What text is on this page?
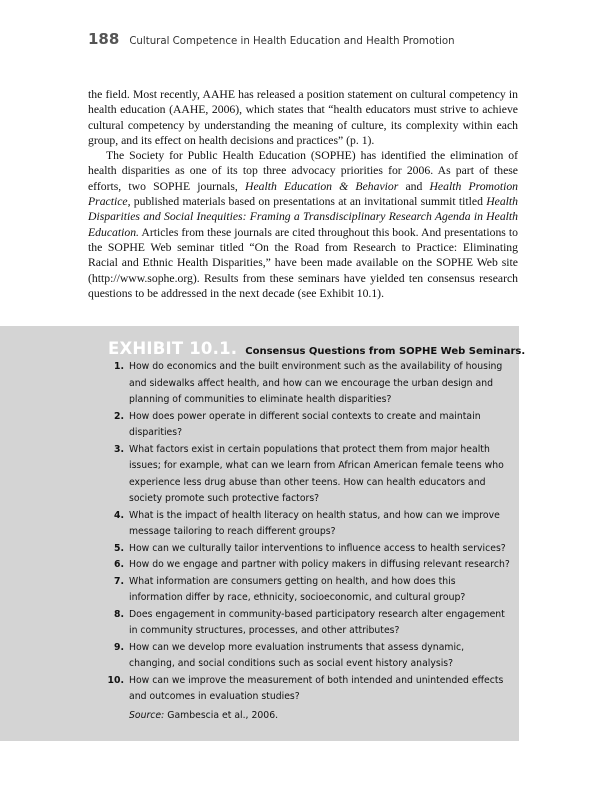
188 Cultural Competence in Health Education and Health Promotion

the field. Most recently, AAHE has released a position statement on cultural competency in health education (AAHE, 2006), which states that “health educators must strive to achieve cultural competency by understanding the meaning of culture, its complexity within each group, and its effect on health decisions and practices” (p. 1).

The Society for Public Health Education (SOPHE) has identified the elimination of health disparities as one of its top three advocacy priorities for 2006. As part of these efforts, two SOPHE journals, Health Education & Behavior and Health Promotion Practice, published materials based on presentations at an invitational summit titled Health Disparities and Social Inequities: Framing a Transdisciplinary Research Agenda in Health Education. Articles from these journals are cited throughout this book. And presentations to the SOPHE Web seminar titled “On the Road from Research to Practice: Eliminating Racial and Ethnic Health Disparities,” have been made available on the SOPHE Web site (http://www.sophe.org). Results from these seminars have yielded ten consensus research questions to be addressed in the next decade (see Exhibit 10.1).

EXHIBIT 10.1. Consensus Questions from SOPHE Web Seminars.
1. How do economics and the built environment such as the availability of housing and sidewalks affect health, and how can we encourage the urban design and planning of communities to eliminate health disparities?
2. How does power operate in different social contexts to create and maintain disparities?
3. What factors exist in certain populations that protect them from major health issues; for example, what can we learn from African American female teens who experience less drug abuse than other teens. How can health educators and society promote such protective factors?
4. What is the impact of health literacy on health status, and how can we improve message tailoring to reach different groups?
5. How can we culturally tailor interventions to influence access to health services?
6. How do we engage and partner with policy makers in diffusing relevant research?
7. What information are consumers getting on health, and how does this information differ by race, ethnicity, socioeconomic, and cultural group?
8. Does engagement in community-based participatory research alter engagement in community structures, processes, and other attributes?
9. How can we develop more evaluation instruments that assess dynamic, changing, and social conditions such as social event history analysis?
10. How can we improve the measurement of both intended and unintended effects and outcomes in evaluation studies?
Source: Gambescia et al., 2006.
